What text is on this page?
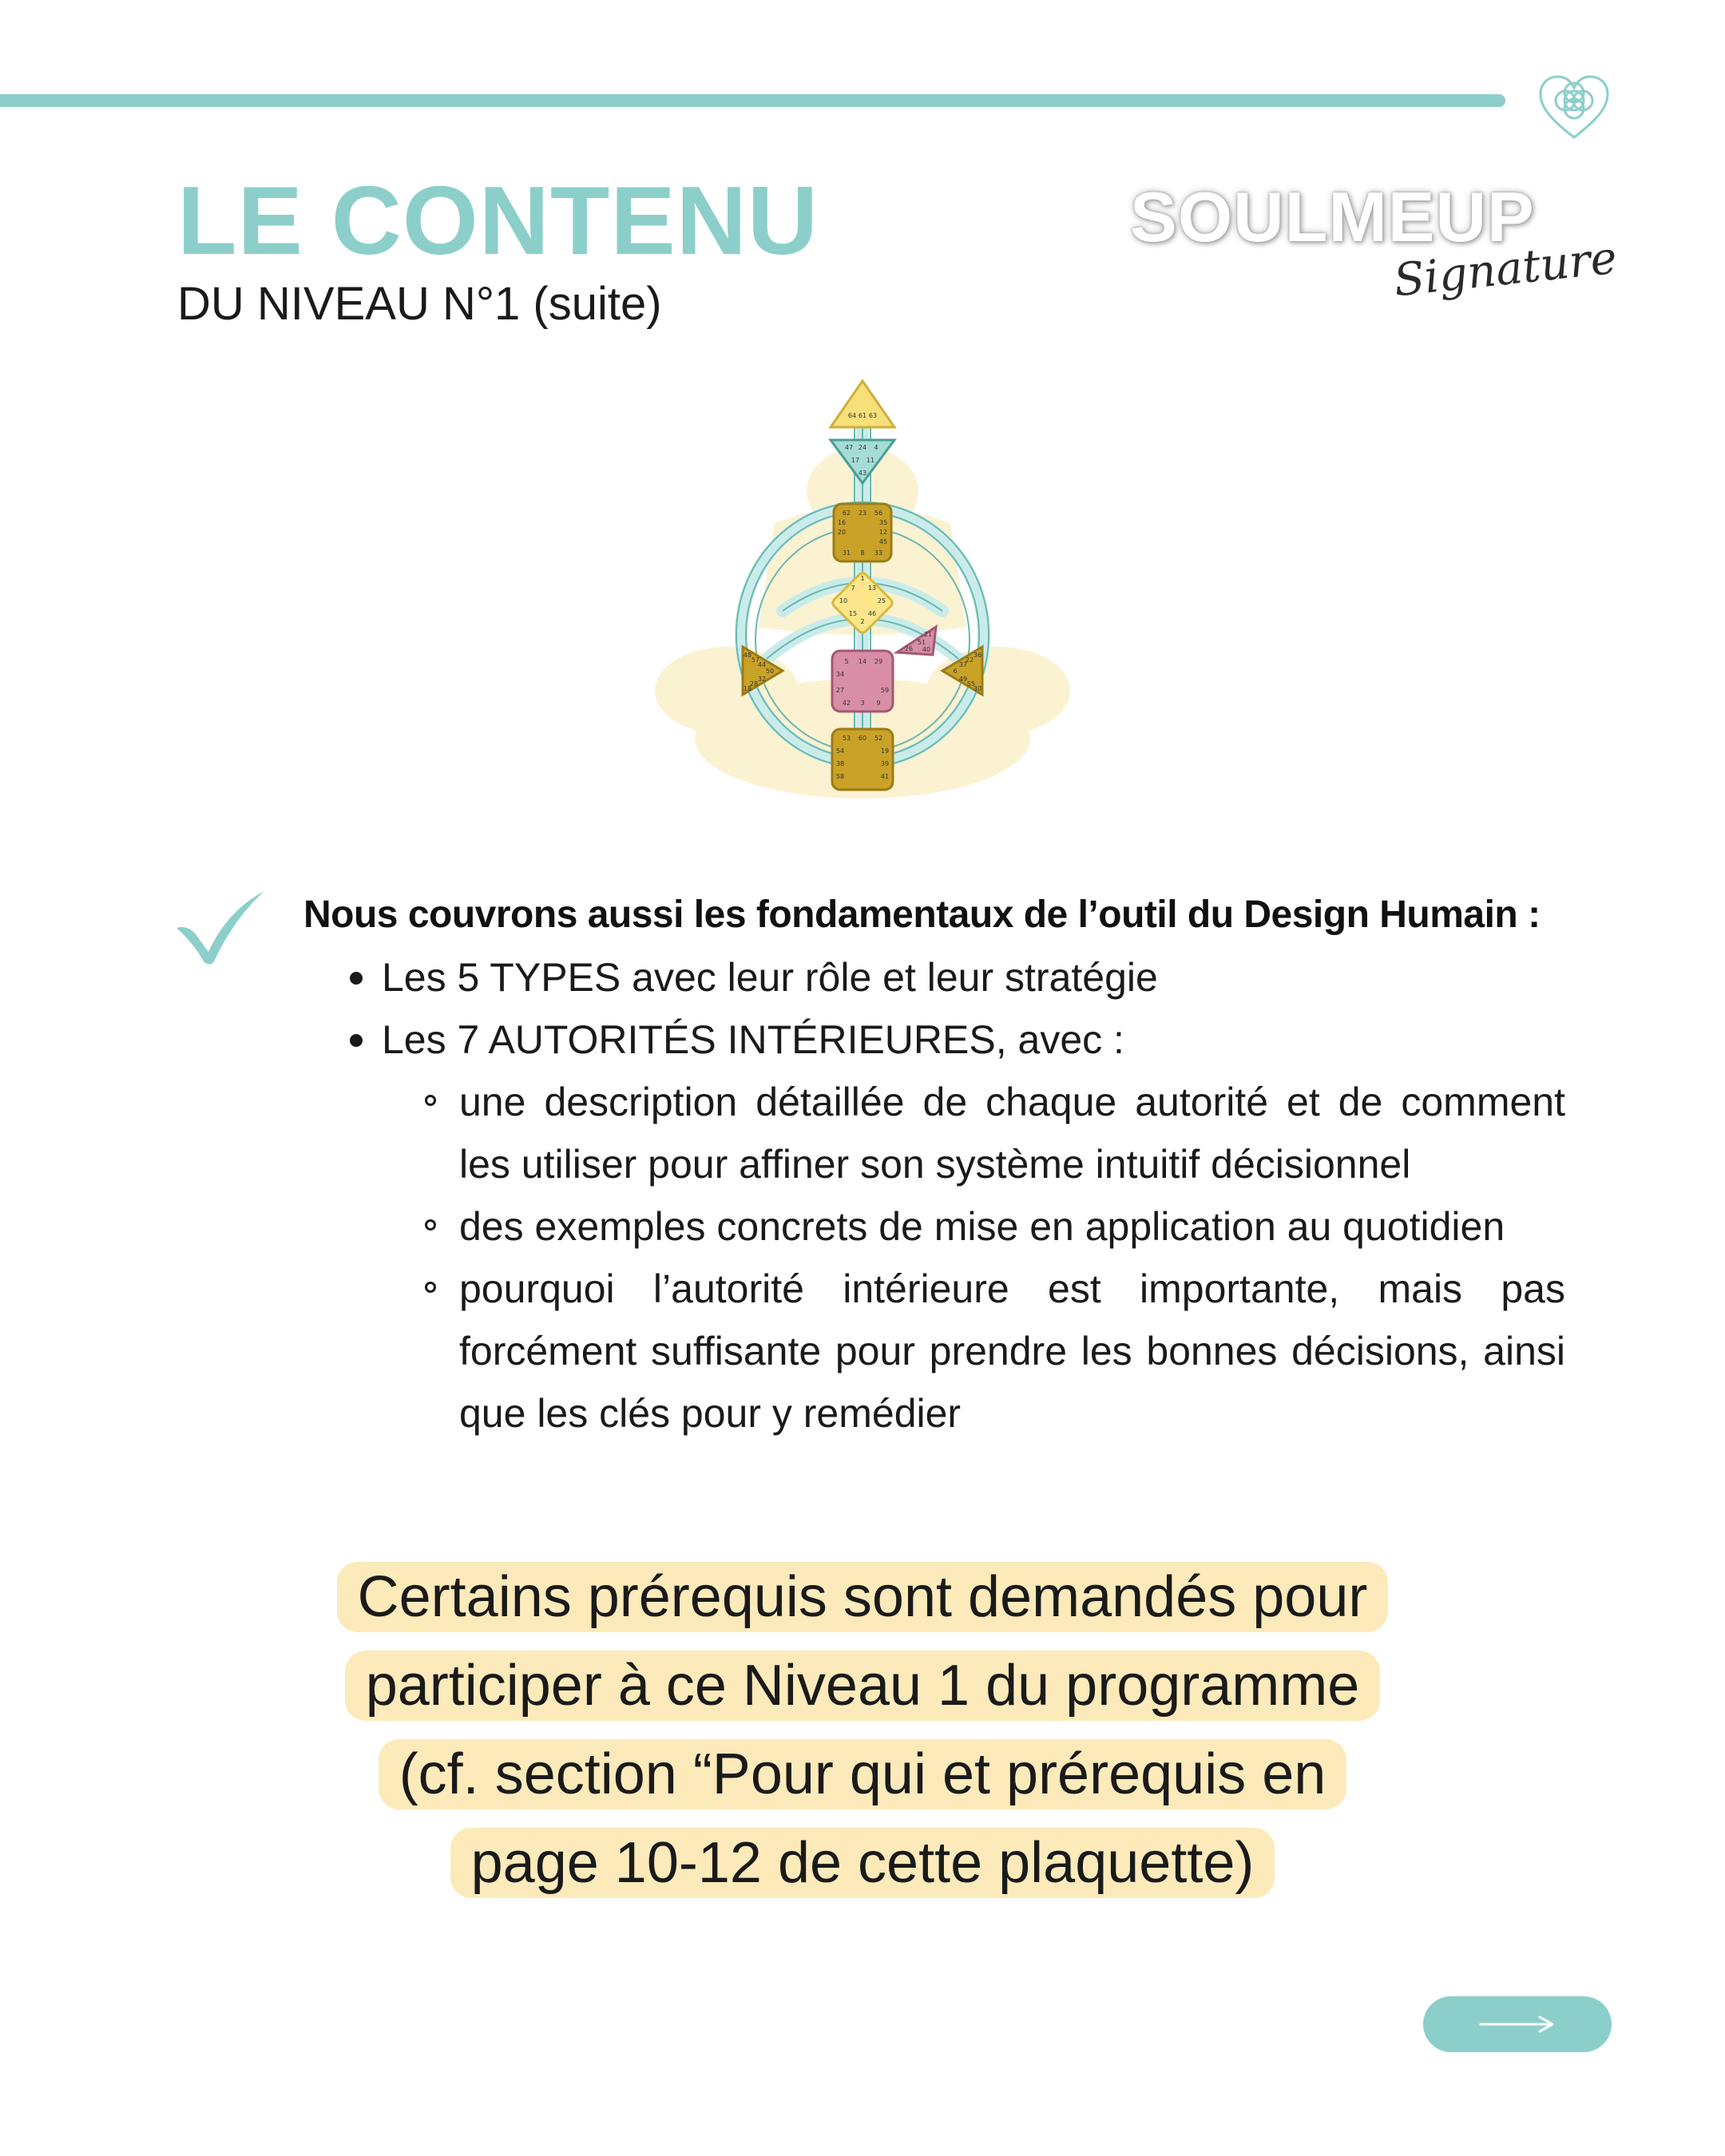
LE CONTENU
DU NIVEAU N°1 (suite)
SOULMEUP
Signature
64 61 63
47 24 4
17 11
43
62 23 56
16	35
20	12
45
31 8 33
1
7 13
10	25
15 46
2
21
51
26 40
48
57
44
50
32
28
18
36
22
37
6
49
55
30
5 14 29
34
27	59
42 3 9
53 60 52
54	19
38	39
58	41

Nous couvrons aussi les fondamentaux de l’outil du Design Humain :

Les 5 TYPES avec leur rôle et leur stratégie
Les 7 AUTORITÉS INTÉRIEURES, avec :
une description détaillée de chaque autorité et de comment les utiliser pour affiner son système intuitif décisionnel
des exemples concrets de mise en application au quotidien
pourquoi l’autorité intérieure est importante, mais pas forcément suffisante pour prendre les bonnes décisions, ainsi que les clés pour y remédier
Certains prérequis sont demandés pour
participer à ce Niveau 1 du programme
(cf. section “Pour qui et prérequis en
page 10-12 de cette plaquette)
